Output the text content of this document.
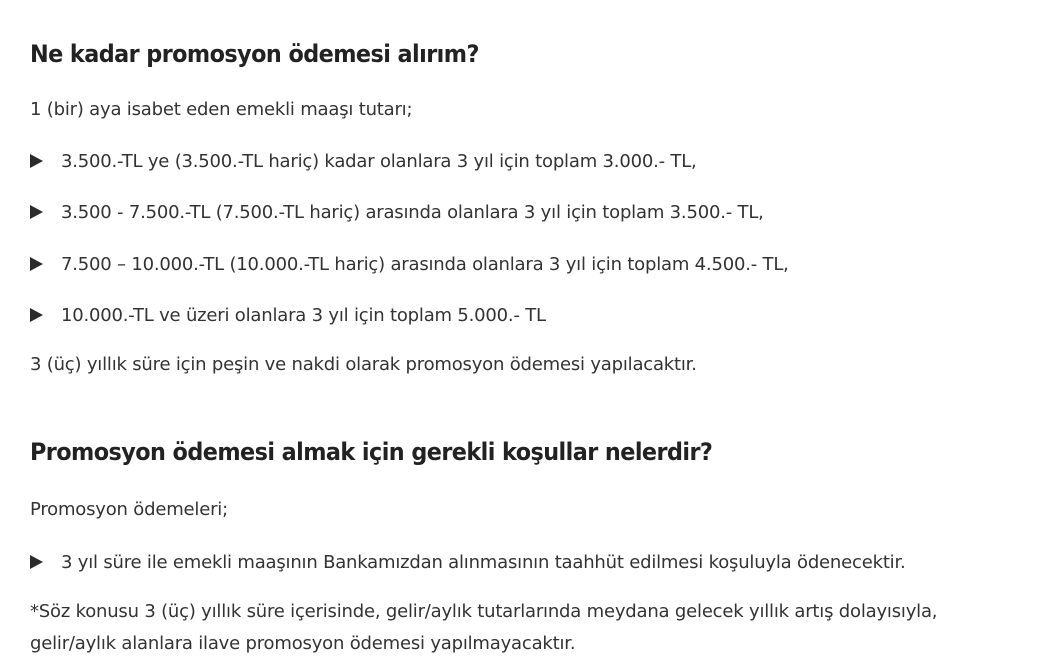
Ne kadar promosyon ödemesi alırım?

1 (bir) aya isabet eden emekli maaşı tutarı;

3.500.-TL ye (3.500.-TL hariç) kadar olanlara 3 yıl için toplam 3.000.- TL,
3.500 - 7.500.-TL (7.500.-TL hariç) arasında olanlara 3 yıl için toplam 3.500.- TL,
7.500 – 10.000.-TL (10.000.-TL hariç) arasında olanlara 3 yıl için toplam 4.500.- TL,
10.000.-TL ve üzeri olanlara 3 yıl için toplam 5.000.- TL

3 (üç) yıllık süre için peşin ve nakdi olarak promosyon ödemesi yapılacaktır.

Promosyon ödemesi almak için gerekli koşullar nelerdir?

Promosyon ödemeleri;

3 yıl süre ile emekli maaşının Bankamızdan alınmasının taahhüt edilmesi koşuluyla ödenecektir.

*Söz konusu 3 (üç) yıllık süre içerisinde, gelir/aylık tutarlarında meydana gelecek yıllık artış dolayısıyla,

gelir/aylık alanlara ilave promosyon ödemesi yapılmayacaktır.
